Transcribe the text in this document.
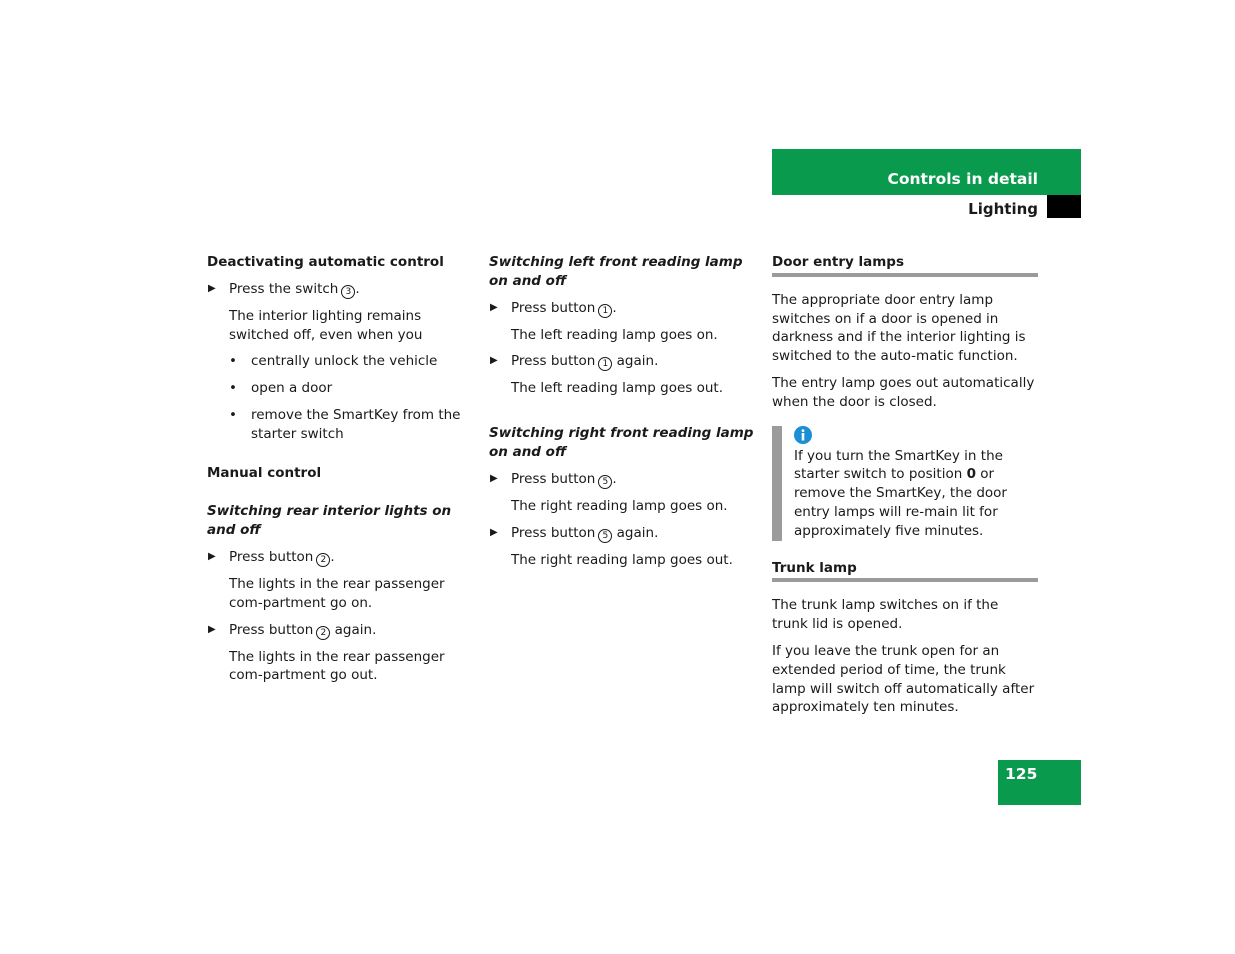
Controls in detail
Lighting
Deactivating automatic control
▶ Press the switch 3 .
The interior lighting remains switched off, even when you
• centrally unlock the vehicle
• open a door
• remove the SmartKey from the starter switch
Manual control
Switching rear interior lights on and off
▶ Press button 2 .
The lights in the rear passenger com-partment go on.
▶ Press button 2 again.
The lights in the rear passenger com-partment go out.
Switching left front reading lamp on and off
▶ Press button 1 .
The left reading lamp goes on.
▶ Press button 1 again.
The left reading lamp goes out.
Switching right front reading lamp on and off
▶ Press button 5 .
The right reading lamp goes on.
▶ Press button 5 again.
The right reading lamp goes out.
Door entry lamps
The appropriate door entry lamp switches on if a door is opened in darkness and if the interior lighting is switched to the auto-matic function.
The entry lamp goes out automatically when the door is closed.
If you turn the SmartKey in the starter switch to position 0 or remove the SmartKey, the door entry lamps will re-main lit for approximately five minutes.
Trunk lamp
The trunk lamp switches on if the trunk lid is opened.
If you leave the trunk open for an extended period of time, the trunk lamp will switch off automatically after approximately ten minutes.
125
